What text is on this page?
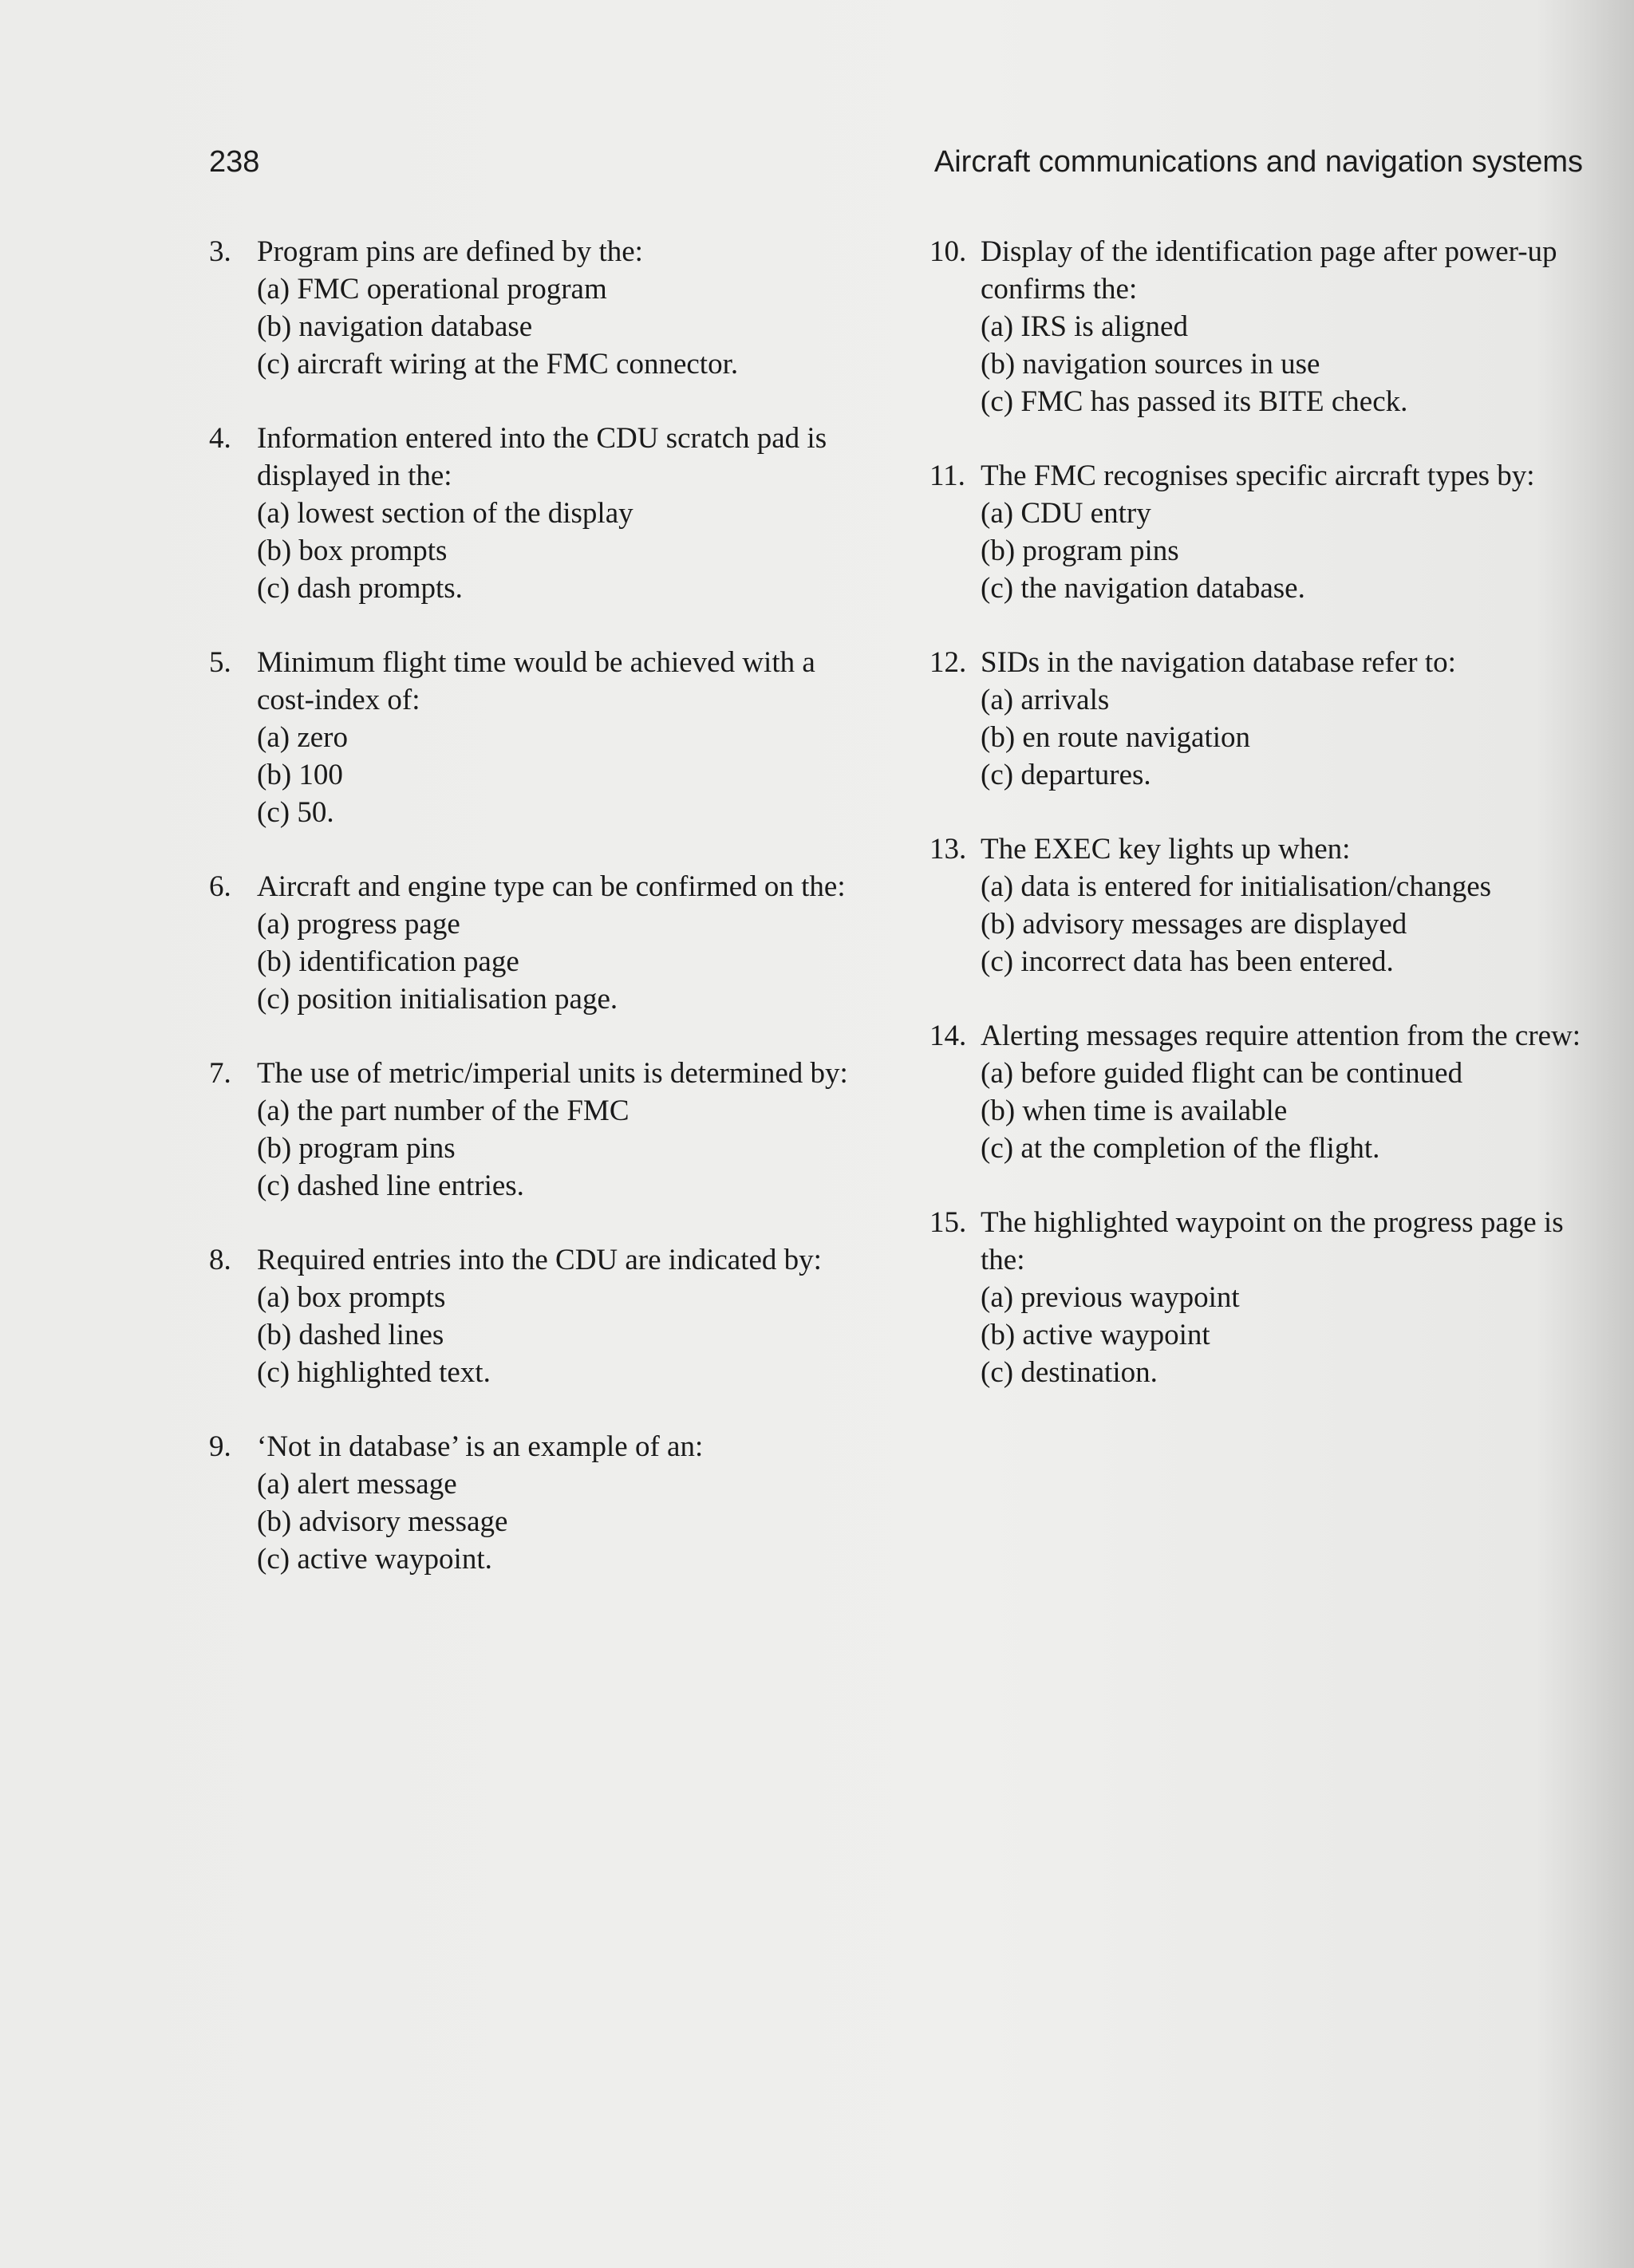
238	Aircraft communications and navigation systems
3. Program pins are defined by the:
(a) FMC operational program
(b) navigation database
(c) aircraft wiring at the FMC connector.
4. Information entered into the CDU scratch pad is displayed in the:
(a) lowest section of the display
(b) box prompts
(c) dash prompts.
5. Minimum flight time would be achieved with a cost-index of:
(a) zero
(b) 100
(c) 50.
6. Aircraft and engine type can be confirmed on the:
(a) progress page
(b) identification page
(c) position initialisation page.
7. The use of metric/imperial units is determined by:
(a) the part number of the FMC
(b) program pins
(c) dashed line entries.
8. Required entries into the CDU are indicated by:
(a) box prompts
(b) dashed lines
(c) highlighted text.
9. ‘Not in database’ is an example of an:
(a) alert message
(b) advisory message
(c) active waypoint.
10. Display of the identification page after power-up confirms the:
(a) IRS is aligned
(b) navigation sources in use
(c) FMC has passed its BITE check.
11. The FMC recognises specific aircraft types by:
(a) CDU entry
(b) program pins
(c) the navigation database.
12. SIDs in the navigation database refer to:
(a) arrivals
(b) en route navigation
(c) departures.
13. The EXEC key lights up when:
(a) data is entered for initialisation/changes
(b) advisory messages are displayed
(c) incorrect data has been entered.
14. Alerting messages require attention from the crew:
(a) before guided flight can be continued
(b) when time is available
(c) at the completion of the flight.
15. The highlighted waypoint on the progress page is the:
(a) previous waypoint
(b) active waypoint
(c) destination.
